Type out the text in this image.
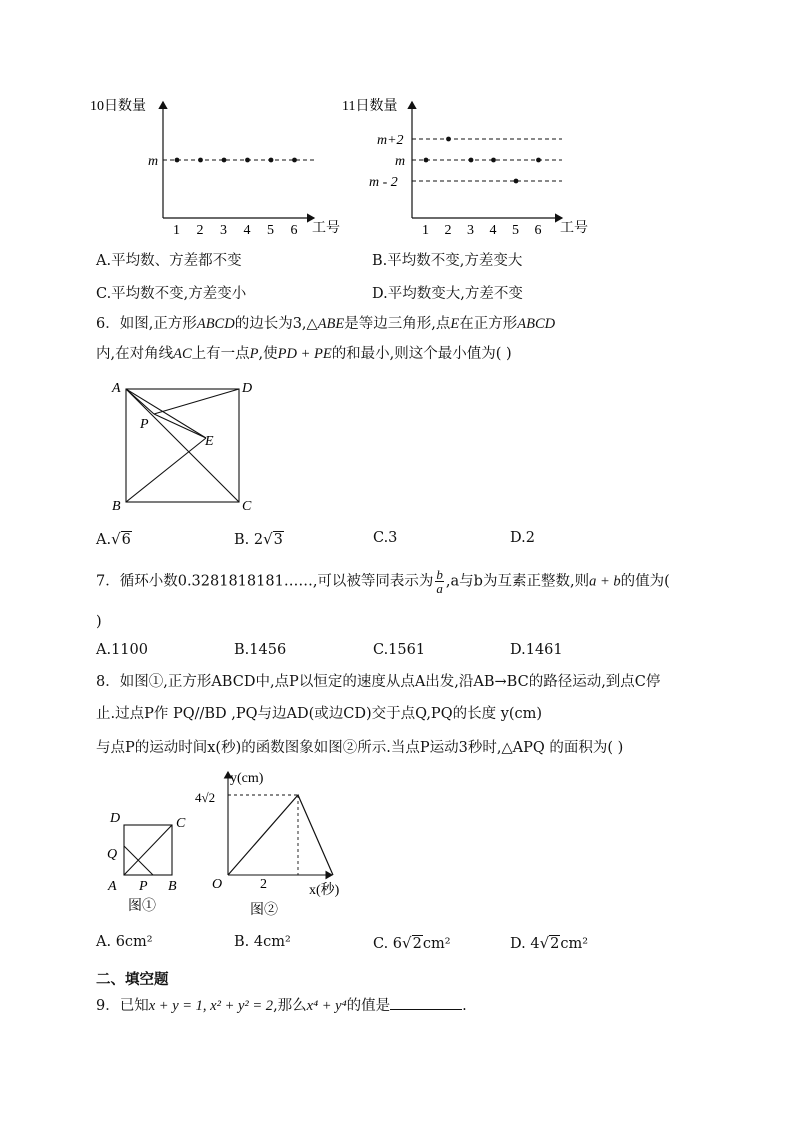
10日数量
m
1 2 3 4 5 6 工号
11日数量
m+2
m
m - 2
1 2 3 4 5 6 工号
A.平均数、方差都不变	B.平均数不变,方差变大
C.平均数不变,方差变小	D.平均数变大,方差不变
6．如图,正方形ABCD的边长为3,△ABE是等边三角形,点E在正方形ABCD
内,在对角线AC上有一点P,使PD + PE的和最小,则这个最小值为( )
A	D
P
E
B	C
A.√6	B. 2√3	C.3	D.2
7．循环小数0.3281818181……,可以被等同表示为 $\frac{b}{a} ,a$与b为互素正整数,则a + b的值为(
)
A.1100	B.1456	C.1561	D.1461
8．如图①,正方形ABCD中,点P以恒定的速度从点A出发,沿AB→BC的路径运动,到点C停
止.过点P作 PQ//BD ,PQ与边AD(或边CD)交于点Q,PQ的长度 y(cm)
与点P的运动时间x(秒)的函数图象如图②所示.当点P运动3秒时,△APQ 的面积为( )
D	C
Q
A P B
图①
y(cm)
x(秒)
O
4√2
2
图②
A. 6cm²	B. 4cm²	C. 6√2cm²	D. 4√2cm²
二、填空题
9．已知x + y = 1, x² + y² = 2,那么x⁴ + y⁴的值是	.
